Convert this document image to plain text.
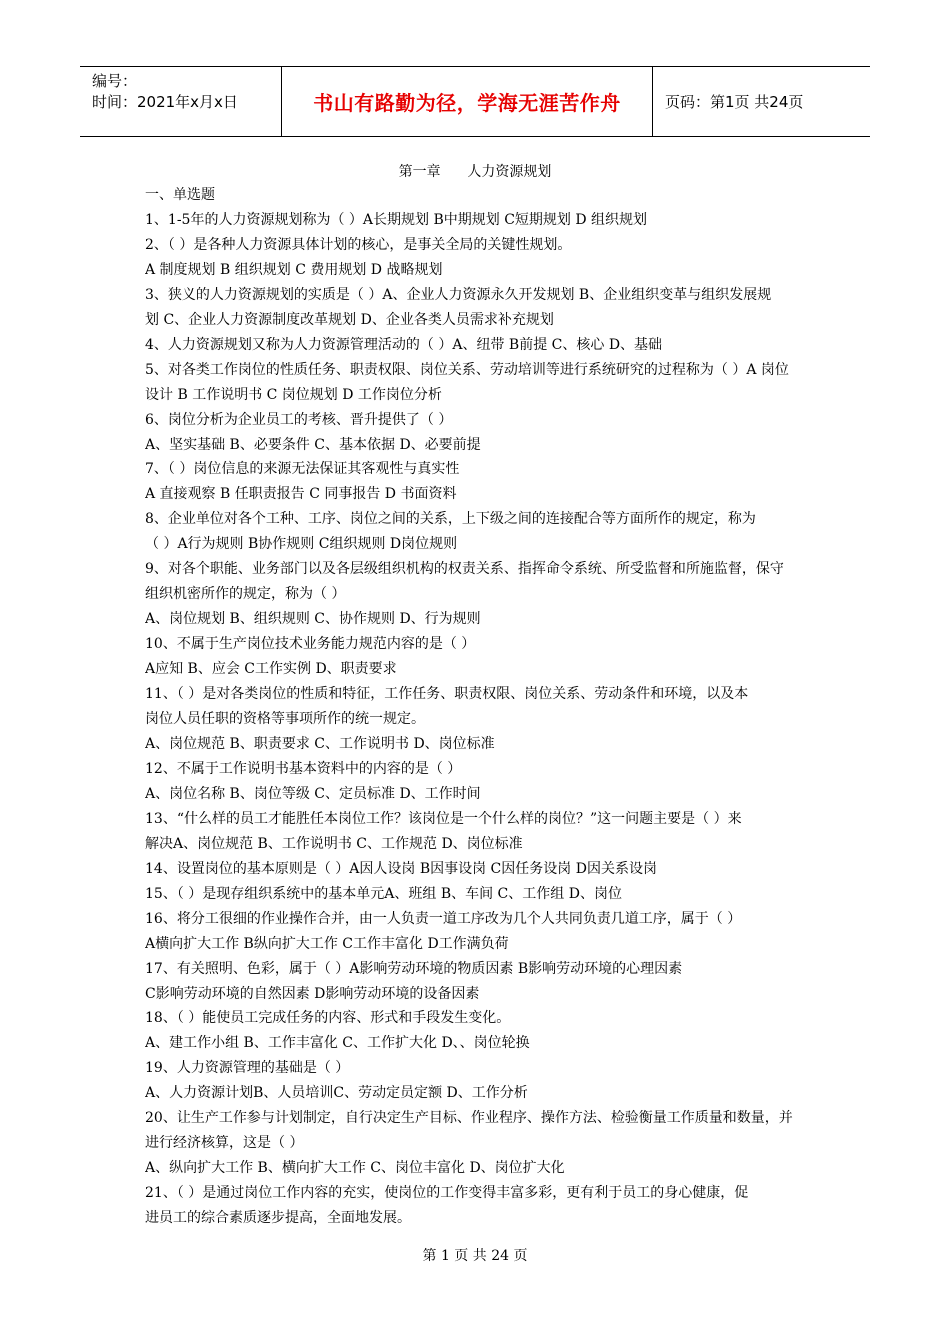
编号：
时间：2021年x月x日	书山有路勤为径，学海无涯苦作舟	页码：第1页 共24页
第一章      人力资源规划
一、单选题
1、1-5年的人力资源规划称为（ ）A长期规划 B中期规划 C短期规划 D 组织规划
2、（ ）是各种人力资源具体计划的核心，是事关全局的关键性规划。
A 制度规划 B 组织规划 C 费用规划 D 战略规划
3、狭义的人力资源规划的实质是（ ）A、企业人力资源永久开发规划 B、企业组织变革与组织发展规
划 C、企业人力资源制度改革规划 D、企业各类人员需求补充规划
4、人力资源规划又称为人力资源管理活动的（ ）A、纽带 B前提 C、核心 D、基础
5、对各类工作岗位的性质任务、职责权限、岗位关系、劳动培训等进行系统研究的过程称为（ ）A 岗位
设计 B 工作说明书 C 岗位规划 D 工作岗位分析
6、岗位分析为企业员工的考核、晋升提供了（ ）
A、坚实基础 B、必要条件 C、基本依据 D、必要前提
7、（ ）岗位信息的来源无法保证其客观性与真实性
A 直接观察 B 任职责报告 C 同事报告 D 书面资料
8、企业单位对各个工种、工序、岗位之间的关系，上下级之间的连接配合等方面所作的规定，称为
（ ）A行为规则 B协作规则 C组织规则 D岗位规则
9、对各个职能、业务部门以及各层级组织机构的权责关系、指挥命令系统、所受监督和所施监督，保守
组织机密所作的规定，称为（ ）
A、岗位规划 B、组织规则 C、协作规则 D、行为规则
10、不属于生产岗位技术业务能力规范内容的是（ ）
A应知 B、应会 C工作实例 D、职责要求
11、（ ）是对各类岗位的性质和特征，工作任务、职责权限、岗位关系、劳动条件和环境，以及本
岗位人员任职的资格等事项所作的统一规定。
A、岗位规范 B、职责要求 C、工作说明书 D、岗位标准
12、不属于工作说明书基本资料中的内容的是（ ）
A、岗位名称 B、岗位等级 C、定员标准 D、工作时间
13、“什么样的员工才能胜任本岗位工作？该岗位是一个什么样的岗位？”这一问题主要是（ ）来
解决A、岗位规范 B、工作说明书 C、工作规范 D、岗位标准
14、设置岗位的基本原则是（ ）A因人设岗 B因事设岗 C因任务设岗 D因关系设岗
15、（ ）是现存组织系统中的基本单元A、班组 B、车间 C、工作组 D、岗位
16、将分工很细的作业操作合并，由一人负责一道工序改为几个人共同负责几道工序，属于（ ）
A横向扩大工作 B纵向扩大工作 C工作丰富化 D工作满负荷
17、有关照明、色彩，属于（ ）A影响劳动环境的物质因素 B影响劳动环境的心理因素
C影响劳动环境的自然因素 D影响劳动环境的设备因素
18、（ ）能使员工完成任务的内容、形式和手段发生变化。
A、建工作小组 B、工作丰富化 C、工作扩大化 D、、岗位轮换
19、人力资源管理的基础是（ ）
A、人力资源计划B、人员培训C、劳动定员定额 D、工作分析
20、让生产工作参与计划制定，自行决定生产目标、作业程序、操作方法、检验衡量工作质量和数量，并
进行经济核算，这是（ ）
A、纵向扩大工作 B、横向扩大工作 C、岗位丰富化 D、岗位扩大化
21、（ ）是通过岗位工作内容的充实，使岗位的工作变得丰富多彩，更有利于员工的身心健康，促
进员工的综合素质逐步提高，全面地发展。
第 1 页 共 24 页
